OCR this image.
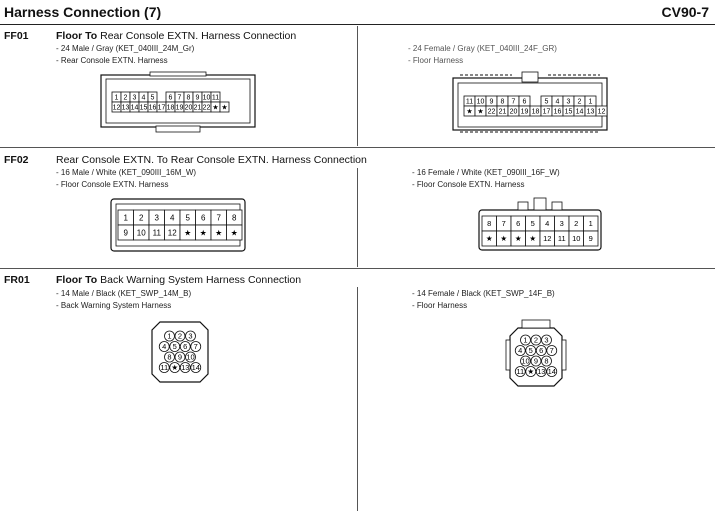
Harness Connection (7)	CV90-7
FF01	Floor To Rear Console EXTN. Harness Connection
- 24 Male / Gray (KET_040III_24M_Gr)
- Rear Console EXTN. Harness
- 24 Female / Gray (KET_040III_24F_GR)
- Floor Harness
1 2 3 4 5 6 7 8 9 10 11
12 13 14 15 16 17 18 19 20 21 22 ★ ★
11 10 9 8 7 6	5 4 3 2 1
★ ★ 22 21 20 19 18 17 16 15 14 13 12
FF02	Rear Console EXTN. To Rear Console EXTN. Harness Connection
- 16 Male / White (KET_090III_16M_W)
- Floor Console EXTN. Harness
- 16 Female / White (KET_090III_16F_W)
- Floor Console EXTN. Harness
1 2 3 4 5 6 7 8
9 10 11 12 ★ ★ ★ ★
8 7 6 5 4 3 2 1
★ ★ ★ ★ 12 11 10 9
FR01	Floor To Back Warning System Harness Connection
- 14 Male / Black (KET_SWP_14M_B)
- Back Warning System Harness
- 14 Female / Black (KET_SWP_14F_B)
- Floor Harness
1 2 3
4 5 6 7
8 9 10
11 ★ 13 14
1 2 3
4 5 6 7
10 9 8
11 ★ 13 14
